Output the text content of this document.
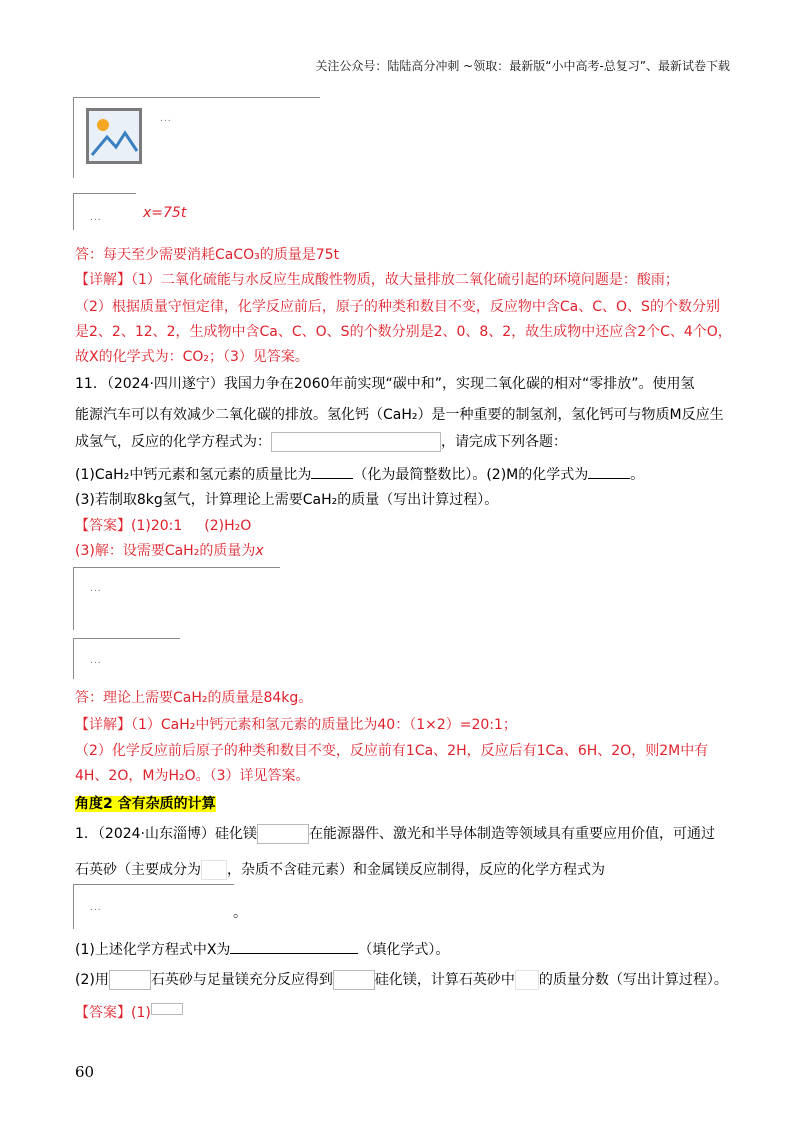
关注公众号：陆陆高分冲刺 ~领取：最新版“小中高考-总复习”、最新试卷下载
...
...	x=75t
答：每天至少需要消耗CaCO₃的质量是75t
【详解】（1）二氧化硫能与水反应生成酸性物质，故大量排放二氧化硫引起的环境问题是：酸雨；
（2）根据质量守恒定律，化学反应前后，原子的种类和数目不变，反应物中含Ca、C、O、S的个数分别
是2、2、12、2，生成物中含Ca、C、O、S的个数分别是2、0、8、2，故生成物中还应含2个C、4个O，
故X的化学式为：CO₂；（3）见答案。
11．（2024·四川遂宁）我国力争在2060年前实现“碳中和”，实现二氧化碳的相对“零排放”。使用氢
能源汽车可以有效减少二氧化碳的排放。氢化钙（CaH₂）是一种重要的制氢剂，氢化钙可与物质M反应生
成氢气，反应的化学方程式为：	，请完成下列各题：
(1)CaH₂中钙元素和氢元素的质量比为	（化为最简整数比）。(2)M的化学式为	。
(3)若制取8kg氢气，计算理论上需要CaH₂的质量（写出计算过程）。
【答案】(1)20:1 (2)H₂O
(3)解：设需要CaH₂的质量为x
...
...
答：理论上需要CaH₂的质量是84kg。
【详解】（1）CaH₂中钙元素和氢元素的质量比为40：（1×2）=20:1；
（2）化学反应前后原子的种类和数目不变，反应前有1Ca、2H，反应后有1Ca、6H、2O，则2M中有
4H、2O，M为H₂O。（3）详见答案。
角度2 含有杂质的计算
1．（2024·山东淄博）硅化镁	在能源器件、激光和半导体制造等领域具有重要应用价值，可通过
石英砂（主要成分为 ，杂质不含硅元素）和金属镁反应制得，反应的化学方程式为
...	。
(1)上述化学方程式中X为	（填化学式）。
(2)用	石英砂与足量镁充分反应得到	硅化镁，计算石英砂中 的质量分数（写出计算过程）。
【答案】(1)
60
